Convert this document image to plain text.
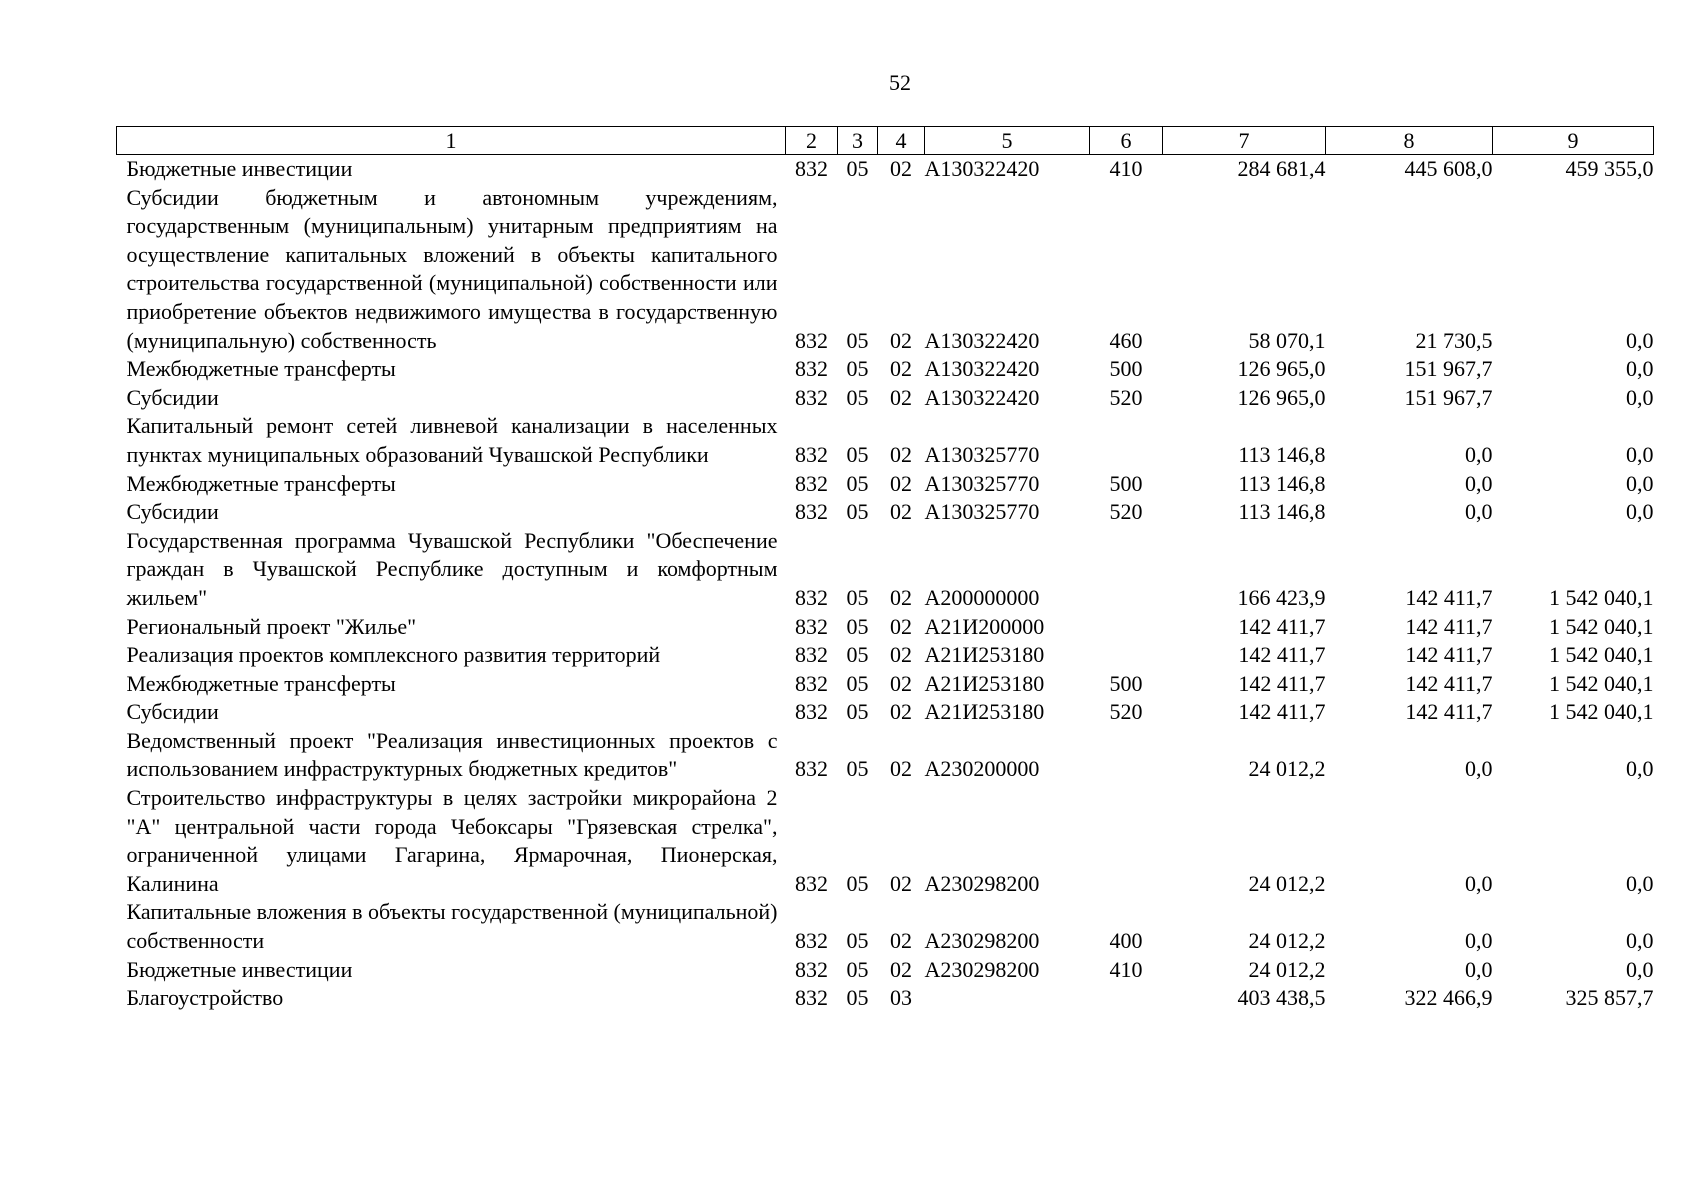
52
1	2	3	4	5	6	7	8	9
Бюджетные инвестиции	832	05	02	А130322420	410	284 681,4	445 608,0	459 355,0
Субсидии бюджетным и автономным учреждениям, государственным (муниципальным) унитарным предприятиям на осуществление капитальных вложений в объекты капитального строительства государственной (муниципальной) собственности или приобретение объектов недвижимого имущества в государственную (муниципальную) собственность	832	05	02	А130322420	460	58 070,1	21 730,5	0,0
Межбюджетные трансферты	832	05	02	А130322420	500	126 965,0	151 967,7	0,0
Субсидии	832	05	02	А130322420	520	126 965,0	151 967,7	0,0
Капитальный ремонт сетей ливневой канализации в населенных пунктах муниципальных образований Чувашской Республики	832	05	02	А130325770		113 146,8	0,0	0,0
Межбюджетные трансферты	832	05	02	А130325770	500	113 146,8	0,0	0,0
Субсидии	832	05	02	А130325770	520	113 146,8	0,0	0,0
Государственная программа Чувашской Республики "Обеспечение граждан в Чувашской Республике доступным и комфортным жильем"	832	05	02	А200000000		166 423,9	142 411,7	1 542 040,1
Региональный проект "Жилье"	832	05	02	А21И200000		142 411,7	142 411,7	1 542 040,1
Реализация проектов комплексного развития территорий	832	05	02	А21И253180		142 411,7	142 411,7	1 542 040,1
Межбюджетные трансферты	832	05	02	А21И253180	500	142 411,7	142 411,7	1 542 040,1
Субсидии	832	05	02	А21И253180	520	142 411,7	142 411,7	1 542 040,1
Ведомственный проект "Реализация инвестиционных проектов с использованием инфраструктурных бюджетных кредитов"	832	05	02	А230200000		24 012,2	0,0	0,0
Строительство инфраструктуры в целях застройки микрорайона 2 "А" центральной части города Чебоксары "Грязевская стрелка", ограниченной улицами Гагарина, Ярмарочная, Пионерская, Калинина	832	05	02	А230298200		24 012,2	0,0	0,0
Капитальные вложения в объекты государственной (муниципальной) собственности	832	05	02	А230298200	400	24 012,2	0,0	0,0
Бюджетные инвестиции	832	05	02	А230298200	410	24 012,2	0,0	0,0
Благоустройство	832	05	03			403 438,5	322 466,9	325 857,7
